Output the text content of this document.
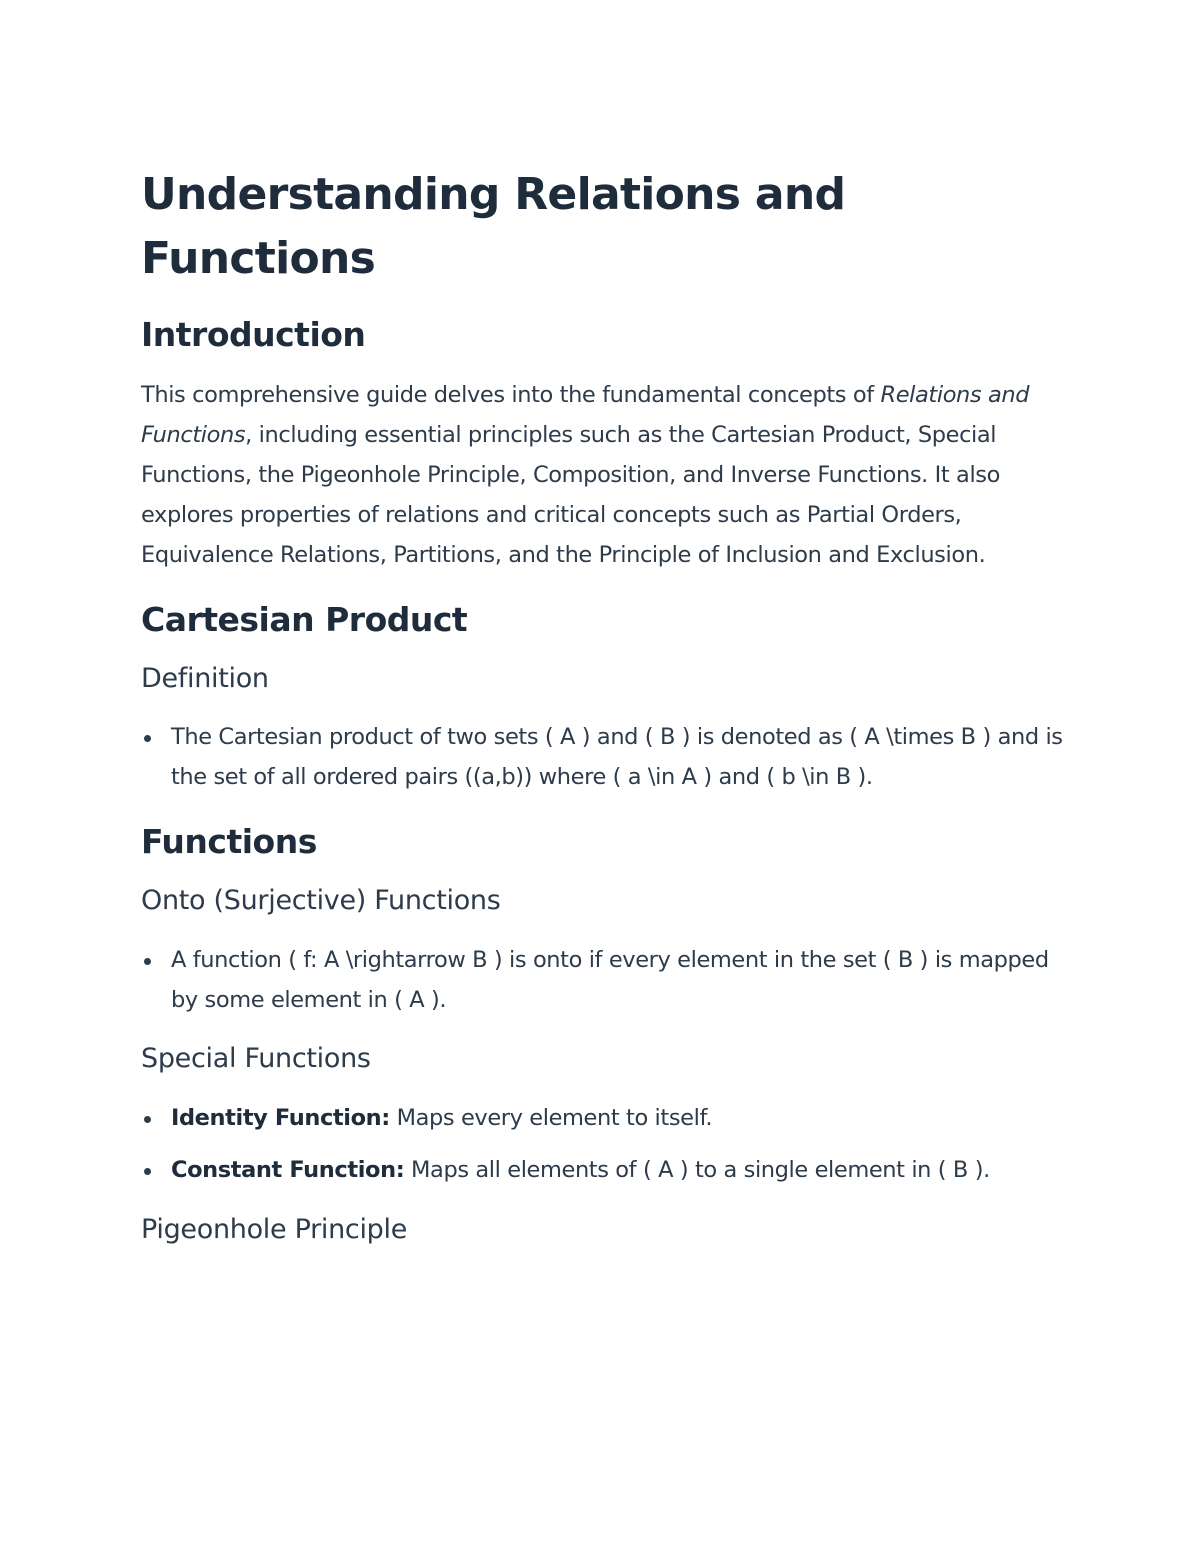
Understanding Relations and Functions
Introduction

This comprehensive guide delves into the fundamental concepts of Relations and Functions, including essential principles such as the Cartesian Product, Special Functions, the Pigeonhole Principle, Composition, and Inverse Functions. It also explores properties of relations and critical concepts such as Partial Orders, Equivalence Relations, Partitions, and the Principle of Inclusion and Exclusion.

Cartesian Product
Definition
The Cartesian product of two sets ( A ) and ( B ) is denoted as ( A \times B ) and is the set of all ordered pairs ((a,b)) where ( a \in A ) and ( b \in B ).
Functions
Onto (Surjective) Functions
A function ( f: A \rightarrow B ) is onto if every element in the set ( B ) is mapped by some element in ( A ).
Special Functions
Identity Function: Maps every element to itself.
Constant Function: Maps all elements of ( A ) to a single element in ( B ).
Pigeonhole Principle
